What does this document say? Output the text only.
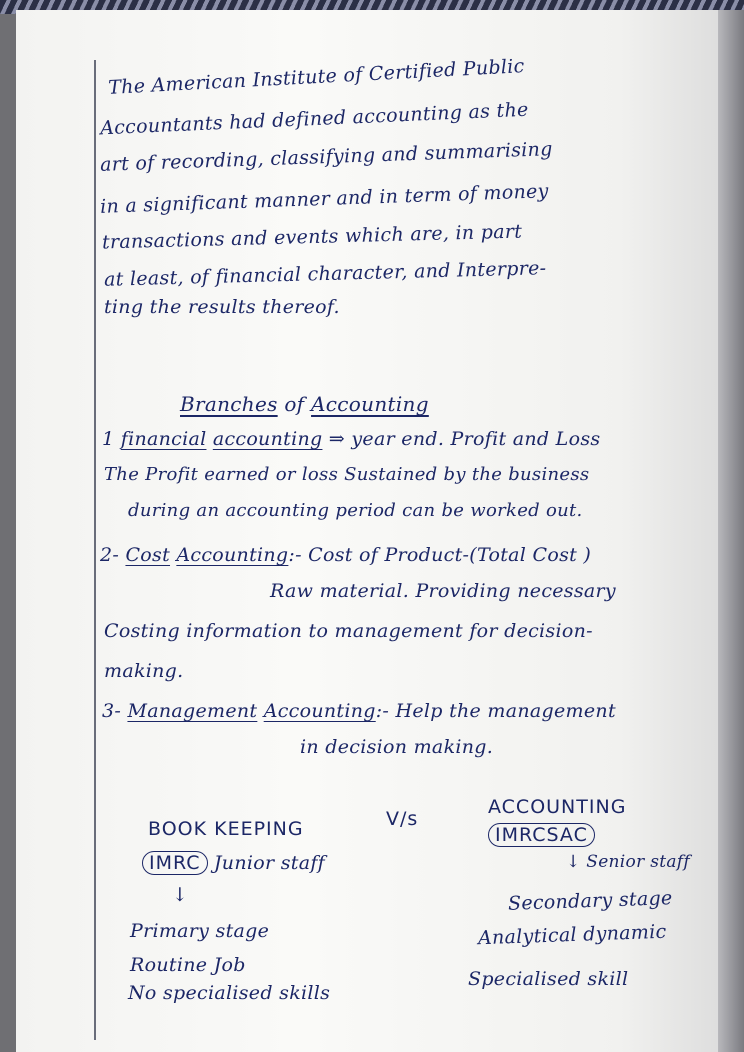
The American Institute of Certified Public
Accountants had defined accounting as the
art of recording, classifying and summarising
in a significant manner and in term of money
transactions and events which are, in part
at least, of financial character, and Interpre-
ting the results thereof.
Branches of Accounting
1 financial accounting ⇒ year end. Profit and Loss
The Profit earned or loss Sustained by the business
during an accounting period can be worked out.
2- Cost Accounting:- Cost of Product-(Total Cost )
Raw material. Providing necessary
Costing information to management for decision-
making.
3- Management Accounting:- Help the management
in decision making.
BOOK KEEPING	V/s
ACCOUNTING
IMRC Junior staff
IMRCSAC
↓ Senior staff
↓
Primary stage
Routine Job
No specialised skills
Secondary stage
Analytical dynamic
Specialised skill
